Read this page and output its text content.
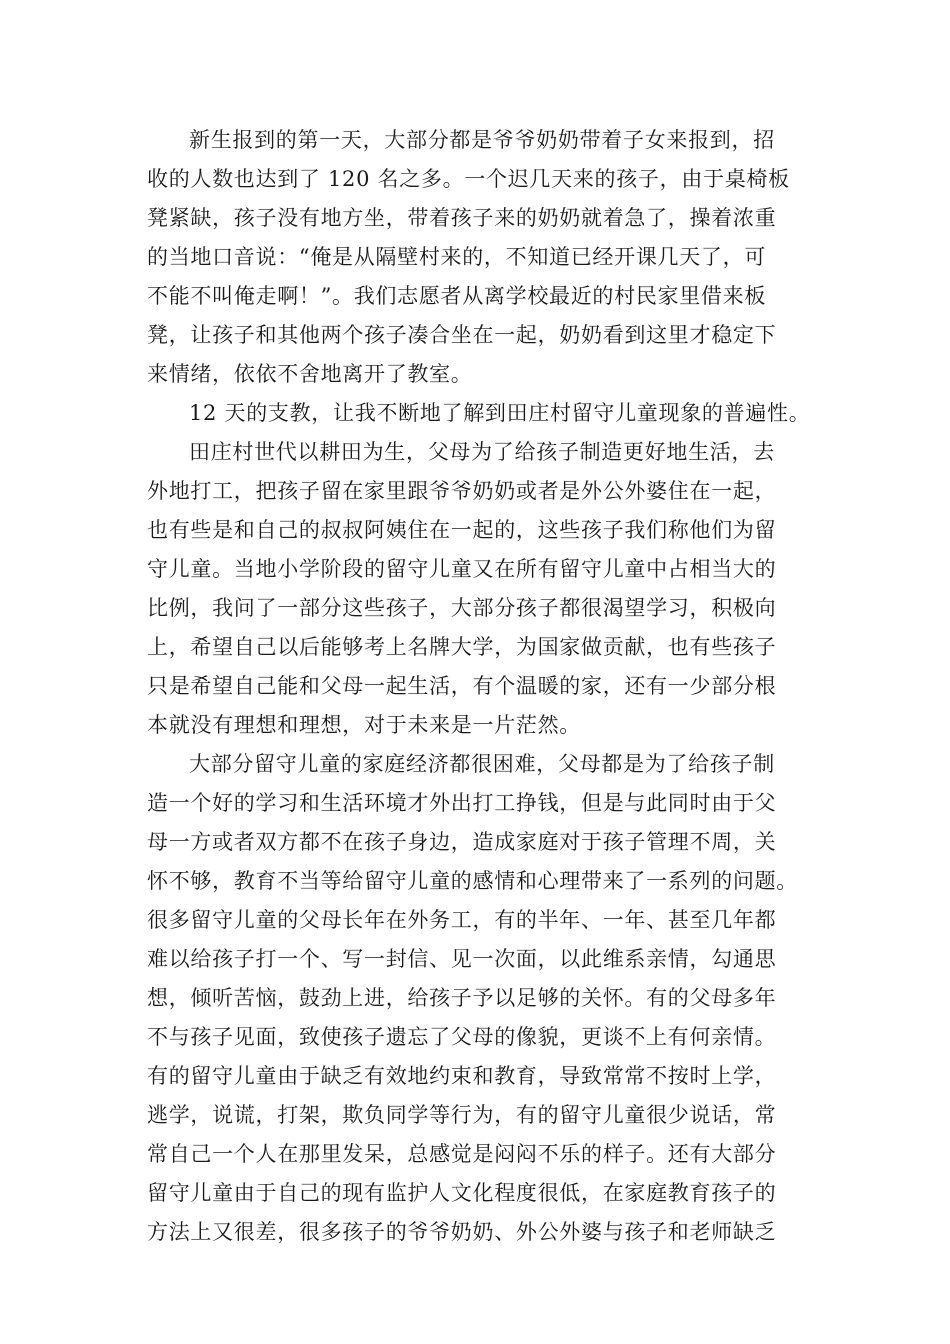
新生报到的第一天，大部分都是爷爷奶奶带着子女来报到，招
收的人数也达到了 120 名之多。一个迟几天来的孩子，由于桌椅板
凳紧缺，孩子没有地方坐，带着孩子来的奶奶就着急了，操着浓重
的当地口音说：“俺是从隔壁村来的，不知道已经开课几天了，可
不能不叫俺走啊！”。我们志愿者从离学校最近的村民家里借来板
凳，让孩子和其他两个孩子凑合坐在一起，奶奶看到这里才稳定下
来情绪，依依不舍地离开了教室。
12 天的支教，让我不断地了解到田庄村留守儿童现象的普遍性。
田庄村世代以耕田为生，父母为了给孩子制造更好地生活，去
外地打工，把孩子留在家里跟爷爷奶奶或者是外公外婆住在一起，
也有些是和自己的叔叔阿姨住在一起的，这些孩子我们称他们为留
守儿童。当地小学阶段的留守儿童又在所有留守儿童中占相当大的
比例，我问了一部分这些孩子，大部分孩子都很渴望学习，积极向
上，希望自己以后能够考上名牌大学，为国家做贡献，也有些孩子
只是希望自己能和父母一起生活，有个温暖的家，还有一少部分根
本就没有理想和理想，对于未来是一片茫然。
大部分留守儿童的家庭经济都很困难，父母都是为了给孩子制
造一个好的学习和生活环境才外出打工挣钱，但是与此同时由于父
母一方或者双方都不在孩子身边，造成家庭对于孩子管理不周，关
怀不够，教育不当等给留守儿童的感情和心理带来了一系列的问题。
很多留守儿童的父母长年在外务工，有的半年、一年、甚至几年都
难以给孩子打一个、写一封信、见一次面，以此维系亲情，勾通思
想，倾听苦恼，鼓劲上进，给孩子予以足够的关怀。有的父母多年
不与孩子见面，致使孩子遗忘了父母的像貌，更谈不上有何亲情。
有的留守儿童由于缺乏有效地约束和教育，导致常常不按时上学，
逃学，说谎，打架，欺负同学等行为，有的留守儿童很少说话，常
常自己一个人在那里发呆，总感觉是闷闷不乐的样子。还有大部分
留守儿童由于自己的现有监护人文化程度很低，在家庭教育孩子的
方法上又很差，很多孩子的爷爷奶奶、外公外婆与孩子和老师缺乏
